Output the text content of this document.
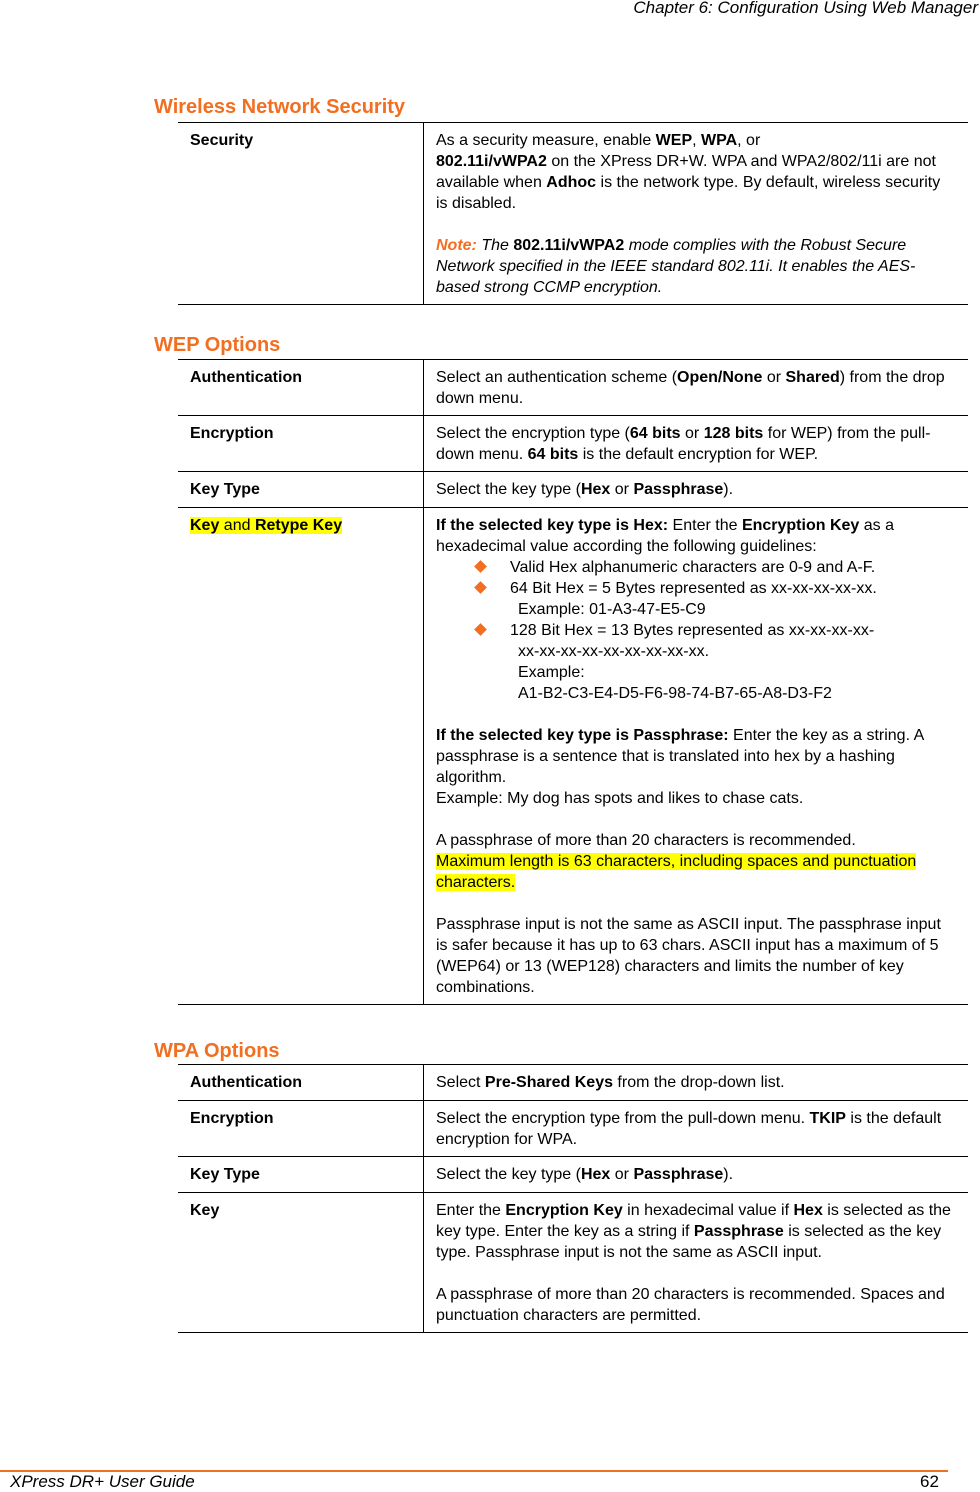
Chapter 6: Configuration Using Web Manager
Wireless Network Security
Security	As a security measure, enable WEP, WPA, or
802.11i/vWPA2 on the XPress DR+W. WPA and WPA2/802/11i are not available when Adhoc is the network type. By default, wireless security is disabled.

Note: The 802.11i/vWPA2 mode complies with the Robust Secure Network specified in the IEEE standard 802.11i. It enables the AES-based strong CCMP encryption.

WEP Options
Authentication	Select an authentication scheme (Open/None or Shared) from the drop down menu.

Encryption	Select the encryption type (64 bits or 128 bits for WEP) from the pull-down menu. 64 bits is the default encryption for WEP.

Key Type	Select the key type (Hex or Passphrase).

Key and Retype Key	If the selected key type is Hex: Enter the Encryption Key as a hexadecimal value according the following guidelines:

Valid Hex alphanumeric characters are 0-9 and A-F.
64 Bit Hex = 5 Bytes represented as xx-xx-xx-xx-xx.
Example: 01-A3-47-E5-C9
128 Bit Hex = 13 Bytes represented as xx-xx-xx-xx-
xx-xx-xx-xx-xx-xx-xx-xx-xx.
Example:
A1-B2-C3-E4-D5-F6-98-74-B7-65-A8-D3-F2

If the selected key type is Passphrase: Enter the key as a string. A passphrase is a sentence that is translated into hex by a hashing algorithm.

Example: My dog has spots and likes to chase cats.

A passphrase of more than 20 characters is recommended.

Maximum length is 63 characters, including spaces and punctuation characters.

Passphrase input is not the same as ASCII input. The passphrase input is safer because it has up to 63 chars. ASCII input has a maximum of 5 (WEP64) or 13 (WEP128) characters and limits the number of key combinations.

WPA Options
Authentication	Select Pre-Shared Keys from the drop-down list.

Encryption	Select the encryption type from the pull-down menu. TKIP is the default encryption for WPA.

Key Type	Select the key type (Hex or Passphrase).

Key	Enter the Encryption Key in hexadecimal value if Hex is selected as the key type. Enter the key as a string if Passphrase is selected as the key type. Passphrase input is not the same as ASCII input.

A passphrase of more than 20 characters is recommended. Spaces and punctuation characters are permitted.

XPress DR+ User Guide	62
